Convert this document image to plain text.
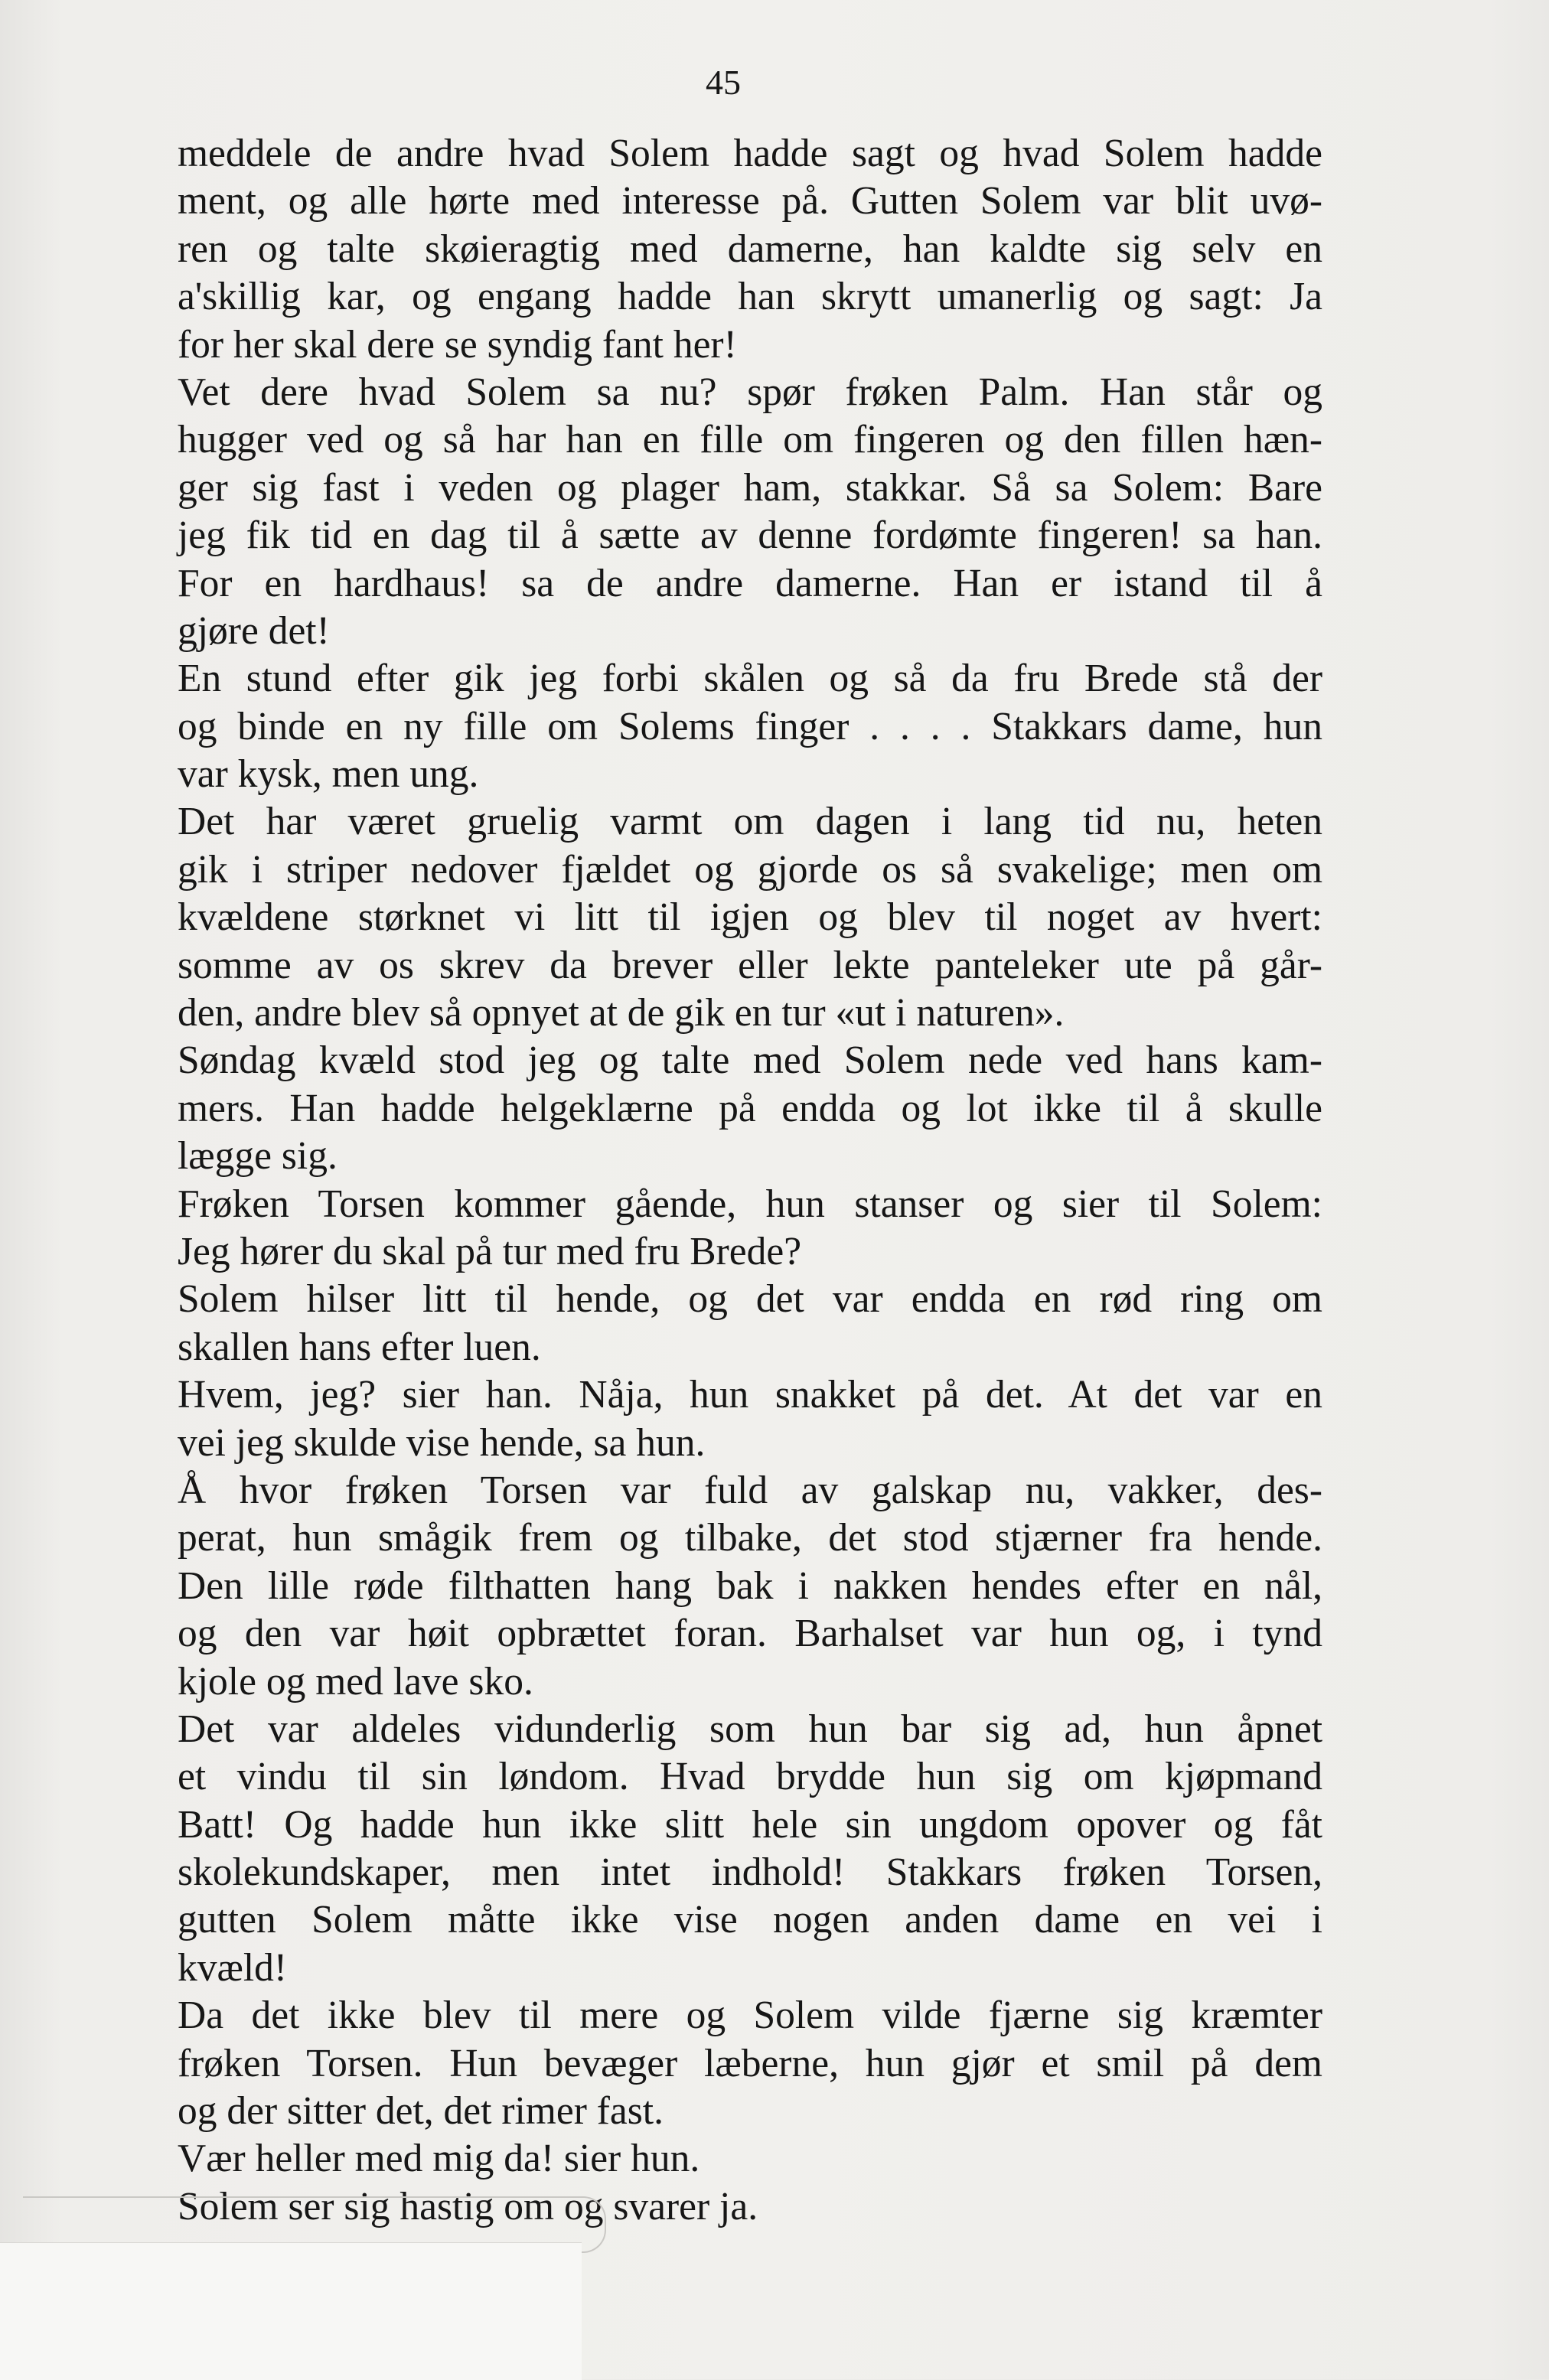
45
meddele de andre hvad Solem hadde sagt og hvad Solem hadde
ment, og alle hørte med interesse på. Gutten Solem var blit uvø-
ren og talte skøieragtig med damerne, han kaldte sig selv en
a'skillig kar, og engang hadde han skrytt umanerlig og sagt: Ja
for her skal dere se syndig fant her!
Vet dere hvad Solem sa nu? spør frøken Palm. Han står og
hugger ved og så har han en fille om fingeren og den fillen hæn-
ger sig fast i veden og plager ham, stakkar. Så sa Solem: Bare
jeg fik tid en dag til å sætte av denne fordømte fingeren! sa han.
For en hardhaus! sa de andre damerne. Han er istand til å
gjøre det!
En stund efter gik jeg forbi skålen og så da fru Brede stå der
og binde en ny fille om Solems finger . . . . Stakkars dame, hun
var kysk, men ung.
Det har været gruelig varmt om dagen i lang tid nu, heten
gik i striper nedover fjældet og gjorde os så svakelige; men om
kvældene størknet vi litt til igjen og blev til noget av hvert:
somme av os skrev da brever eller lekte panteleker ute på går-
den, andre blev så opnyet at de gik en tur «ut i naturen».
Søndag kvæld stod jeg og talte med Solem nede ved hans kam-
mers. Han hadde helgeklærne på endda og lot ikke til å skulle
lægge sig.
Frøken Torsen kommer gående, hun stanser og sier til Solem:
Jeg hører du skal på tur med fru Brede?
Solem hilser litt til hende, og det var endda en rød ring om
skallen hans efter luen.
Hvem, jeg? sier han. Nåja, hun snakket på det. At det var en
vei jeg skulde vise hende, sa hun.
Å hvor frøken Torsen var fuld av galskap nu, vakker, des-
perat, hun smågik frem og tilbake, det stod stjærner fra hende.
Den lille røde filthatten hang bak i nakken hendes efter en nål,
og den var høit opbrættet foran. Barhalset var hun og, i tynd
kjole og med lave sko.
Det var aldeles vidunderlig som hun bar sig ad, hun åpnet
et vindu til sin løndom. Hvad brydde hun sig om kjøpmand
Batt! Og hadde hun ikke slitt hele sin ungdom opover og fåt
skolekundskaper, men intet indhold! Stakkars frøken Torsen,
gutten Solem måtte ikke vise nogen anden dame en vei i
kvæld!
Da det ikke blev til mere og Solem vilde fjærne sig kræmter
frøken Torsen. Hun bevæger læberne, hun gjør et smil på dem
og der sitter det, det rimer fast.
Vær heller med mig da! sier hun.
Solem ser sig hastig om og svarer ja.
